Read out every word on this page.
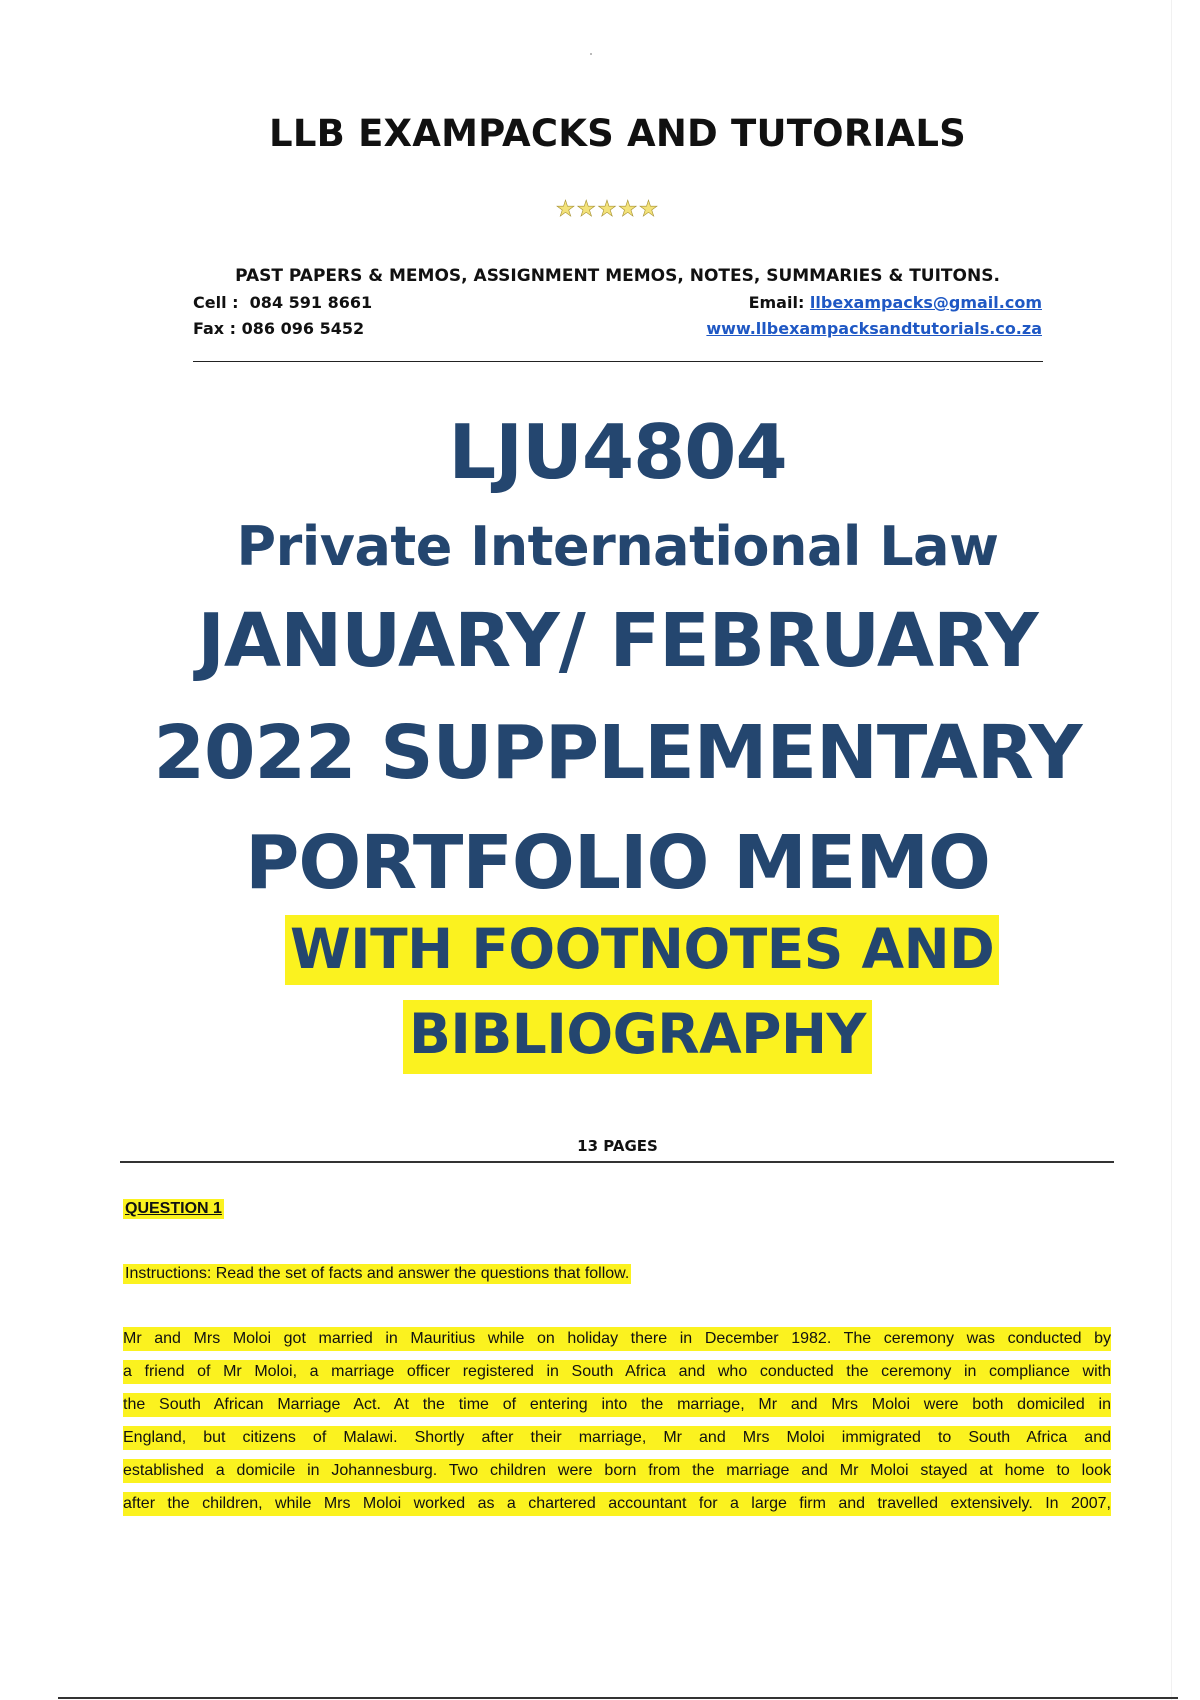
LLB EXAMPACKS AND TUTORIALS
★★★★★
PAST PAPERS & MEMOS, ASSIGNMENT MEMOS, NOTES, SUMMARIES & TUITONS.
Cell : 084 591 8661
Fax : 086 096 5452
Email: llbexampacks@gmail.com
www.llbexampacksandtutorials.co.za
LJU4804
Private International Law
JANUARY/ FEBRUARY
2022 SUPPLEMENTARY
PORTFOLIO MEMO
WITH FOOTNOTES AND
BIBLIOGRAPHY
13 PAGES
QUESTION 1
Instructions: Read the set of facts and answer the questions that follow.
Mr and Mrs Moloi got married in Mauritius while on holiday there in December 1982. The ceremony was conducted by
a friend of Mr Moloi, a marriage officer registered in South Africa and who conducted the ceremony in compliance with
the South African Marriage Act. At the time of entering into the marriage, Mr and Mrs Moloi were both domiciled in
England, but citizens of Malawi. Shortly after their marriage, Mr and Mrs Moloi immigrated to South Africa and
established a domicile in Johannesburg. Two children were born from the marriage and Mr Moloi stayed at home to look
after the children, while Mrs Moloi worked as a chartered accountant for a large firm and travelled extensively. In 2007,
